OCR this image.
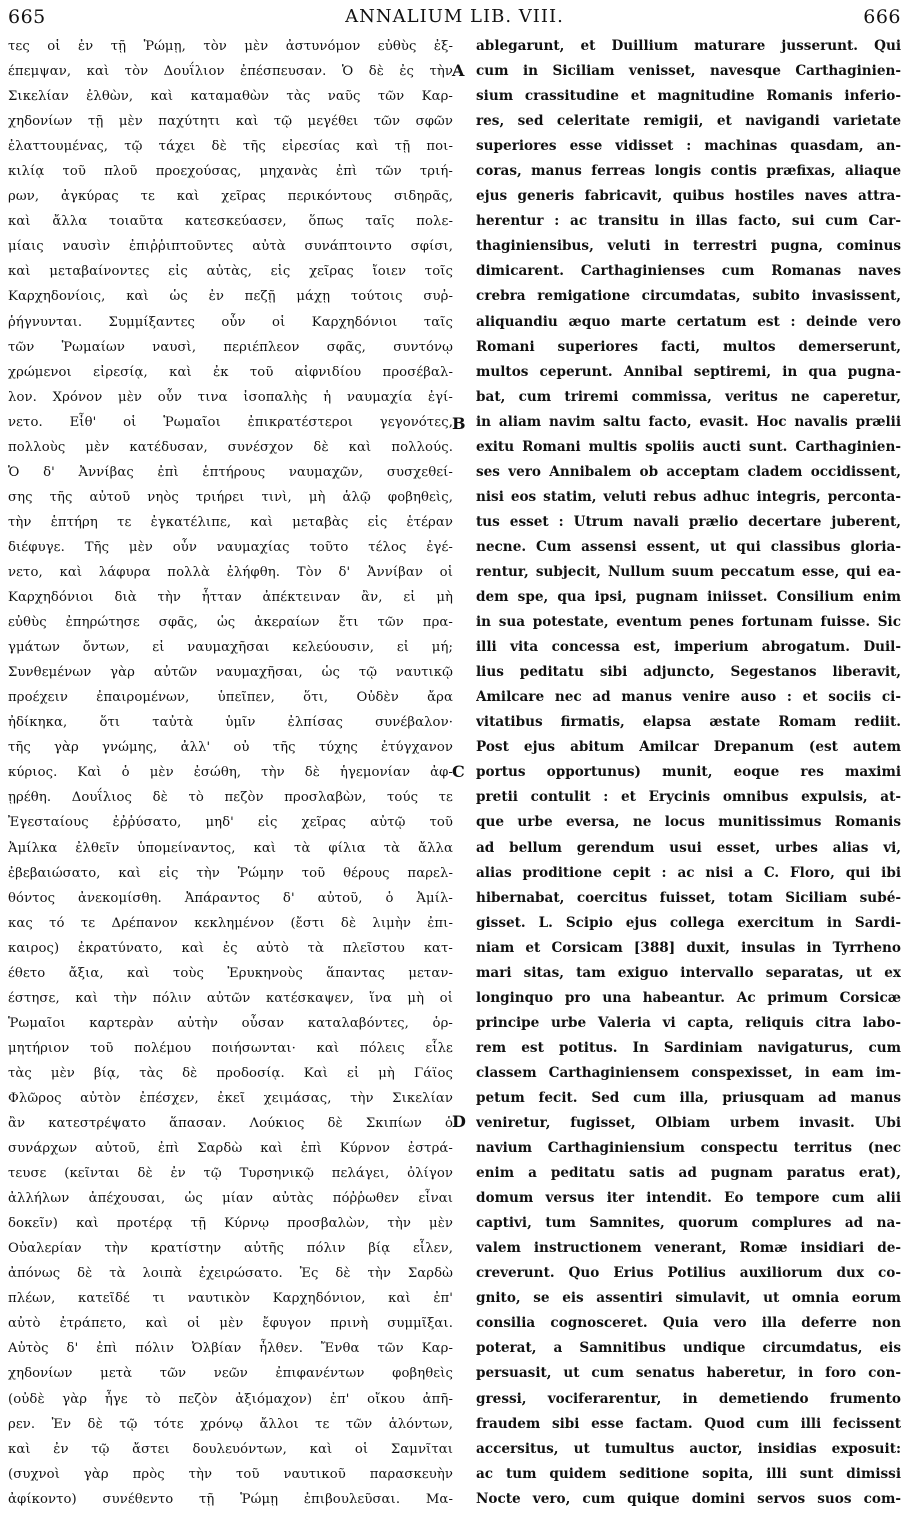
665	ANNALIUM LIB. VIII.	666
τες οἱ ἐν τῇ Ῥώμῃ, τὸν μὲν ἀστυνόμον εὐθὺς ἐξ-
έπεμψαν, καὶ τὸν Δουΐλιον ἐπέσπευσαν. Ὁ δὲ ἐς τὴν
Σικελίαν ἐλθὼν, καὶ καταμαθὼν τὰς ναῦς τῶν Καρ-
χηδονίων τῇ μὲν παχύτητι καὶ τῷ μεγέθει τῶν σφῶν
ἐλαττουμένας, τῷ τάχει δὲ τῆς εἰρεσίας καὶ τῇ ποι-
κιλίᾳ τοῦ πλοῦ προεχούσας, μηχανὰς ἐπὶ τῶν τριή-
ρων, ἀγκύρας τε καὶ χεῖρας περικόντους σιδηρᾶς,
καὶ ἄλλα τοιαῦτα κατεσκεύασεν, ὅπως ταῖς πολε-
μίαις ναυσὶν ἐπιῤῥιπτοῦντες αὐτὰ συνάπτοιντο σφίσι,
καὶ μεταβαίνοντες εἰς αὐτὰς, εἰς χεῖρας ἴοιεν τοῖς
Καρχηδονίοις, καὶ ὡς ἐν πεζῇ μάχῃ τούτοις συῤ-
ῥήγνυνται. Συμμίξαντες οὖν οἱ Καρχηδόνιοι ταῖς
τῶν Ῥωμαίων ναυσὶ, περιέπλεον σφᾶς, συντόνῳ
χρώμενοι εἰρεσίᾳ, καὶ ἐκ τοῦ αἰφνιδίου προσέβαλ-
λον. Χρόνον μὲν οὖν τινα ἰσοπαλὴς ἡ ναυμαχία ἐγί-
νετο. Εἶθ' οἱ Ῥωμαῖοι ἐπικρατέστεροι γεγονότες,
πολλοὺς μὲν κατέδυσαν, συνέσχον δὲ καὶ πολλούς.
Ὁ δ' Ἀννίβας ἐπὶ ἑπτήρους ναυμαχῶν, συσχεθεί-
σης τῆς αὐτοῦ νηὸς τριήρει τινὶ, μὴ ἁλῷ φοβηθεὶς,
τὴν ἑπτήρη τε ἐγκατέλιπε, καὶ μεταβὰς εἰς ἑτέραν
διέφυγε. Τῆς μὲν οὖν ναυμαχίας τοῦτο τέλος ἐγέ-
νετο, καὶ λάφυρα πολλὰ ἐλήφθη. Τὸν δ' Ἀννίβαν οἱ
Καρχηδόνιοι διὰ τὴν ἧτταν ἀπέκτειναν ἂν, εἰ μὴ
εὐθὺς ἐπηρώτησε σφᾶς, ὡς ἀκεραίων ἔτι τῶν πρα-
γμάτων ὄντων, εἰ ναυμαχῆσαι κελεύουσιν, εἰ μή;
Συνθεμένων γὰρ αὐτῶν ναυμαχῆσαι, ὡς τῷ ναυτικῷ
προέχειν ἐπαιρομένων, ὑπεῖπεν, ὅτι, Οὐδὲν ἄρα
ἠδίκηκα, ὅτι ταὐτὰ ὑμῖν ἐλπίσας συνέβαλον·
τῆς γὰρ γνώμης, ἀλλ' οὐ τῆς τύχης ἐτύγχανον
κύριος. Καὶ ὁ μὲν ἐσώθη, τὴν δὲ ἡγεμονίαν ἀφ-
ῃρέθη. Δουΐλιος δὲ τὸ πεζὸν προσλαβὼν, τούς τε
Ἐγεσταίους ἐῤῥύσατο, μηδ' εἰς χεῖρας αὐτῷ τοῦ
Ἀμίλκα ἐλθεῖν ὑπομείναντος, καὶ τὰ φίλια τὰ ἄλλα
ἐβεβαιώσατο, καὶ εἰς τὴν Ῥώμην τοῦ θέρους παρελ-
θόντος ἀνεκομίσθη. Ἀπάραντος δ' αὐτοῦ, ὁ Ἀμίλ-
κας τό τε Δρέπανον κεκλημένον (ἔστι δὲ λιμὴν ἐπι-
καιρος) ἐκρατύνατο, καὶ ἐς αὐτὸ τὰ πλεῖστου κατ-
έθετο ἄξια, καὶ τοὺς Ἐρυκηνοὺς ἅπαντας μεταν-
έστησε, καὶ τὴν πόλιν αὐτῶν κατέσκαψεν, ἵνα μὴ οἱ
Ῥωμαῖοι καρτερὰν αὐτὴν οὖσαν καταλαβόντες, ὁρ-
μητήριον τοῦ πολέμου ποιήσωνται· καὶ πόλεις εἷλε
τὰς μὲν βίᾳ, τὰς δὲ προδοσίᾳ. Καὶ εἰ μὴ Γάϊος
Φλῶρος αὐτὸν ἐπέσχεν, ἐκεῖ χειμάσας, τὴν Σικελίαν
ἂν κατεστρέψατο ἅπασαν. Λούκιος δὲ Σκιπίων ὁ
συνάρχων αὐτοῦ, ἐπὶ Σαρδὼ καὶ ἐπὶ Κύρνον ἐστρά-
τευσε (κεῖνται δὲ ἐν τῷ Τυρσηνικῷ πελάγει, ὀλίγον
ἀλλήλων ἀπέχουσαι, ὡς μίαν αὐτὰς πόῤῥωθεν εἶναι
δοκεῖν) καὶ προτέρᾳ τῇ Κύρνῳ προσβαλὼν, τὴν μὲν
Οὐαλερίαν τὴν κρατίστην αὐτῆς πόλιν βίᾳ εἷλεν,
ἀπόνως δὲ τὰ λοιπὰ ἐχειρώσατο. Ἐς δὲ τὴν Σαρδὼ
πλέων, κατεῖδέ τι ναυτικὸν Καρχηδόνιον, καὶ ἐπ'
αὐτὸ ἐτράπετο, καὶ οἱ μὲν ἔφυγον πρινὴ συμμῖξαι.
Αὐτὸς δ' ἐπὶ πόλιν Ὀλβίαν ἦλθεν. Ἔνθα τῶν Καρ-
χηδονίων μετὰ τῶν νεῶν ἐπιφανέντων φοβηθεὶς
(οὐδὲ γὰρ ἦγε τὸ πεζὸν ἀξιόμαχον) ἐπ' οἴκου ἀπῆ-
ρεν. Ἐν δὲ τῷ τότε χρόνῳ ἄλλοι τε τῶν ἁλόντων,
καὶ ἐν τῷ ἄστει δουλευόντων, καὶ οἱ Σαμνῖται
(συχνοὶ γὰρ πρὸς τὴν τοῦ ναυτικοῦ παρασκευὴν
ἀφίκοντο) συνέθεντο τῇ Ῥώμῃ ἐπιβουλεῦσαι. Μα-
ablegarunt, et Duillium maturare jusserunt. Qui
cum in Siciliam venisset, navesque Carthaginien-
sium crassitudine et magnitudine Romanis inferio-
res, sed celeritate remigii, et navigandi varietate
superiores esse vidisset : machinas quasdam, an-
coras, manus ferreas longis contis præfixas, aliaque
ejus generis fabricavit, quibus hostiles naves attra-
herentur : ac transitu in illas facto, sui cum Car-
thaginiensibus, veluti in terrestri pugna, cominus
dimicarent. Carthaginienses cum Romanas naves
crebra remigatione circumdatas, subito invasissent,
aliquandiu æquo marte certatum est : deinde vero
Romani superiores facti, multos demerserunt,
multos ceperunt. Annibal septiremi, in qua pugna-
bat, cum triremi commissa, veritus ne caperetur,
in aliam navim saltu facto, evasit. Hoc navalis prælii
exitu Romani multis spoliis aucti sunt. Carthaginien-
ses vero Annibalem ob acceptam cladem occidissent,
nisi eos statim, veluti rebus adhuc integris, perconta-
tus esset : Utrum navali prælio decertare juberent,
necne. Cum assensi essent, ut qui classibus gloria-
rentur, subjecit, Nullum suum peccatum esse, qui ea-
dem spe, qua ipsi, pugnam iniisset. Consilium enim
in sua potestate, eventum penes fortunam fuisse. Sic
illi vita concessa est, imperium abrogatum. Duil-
lius peditatu sibi adjuncto, Segestanos liberavit,
Amilcare nec ad manus venire auso : et sociis ci-
vitatibus firmatis, elapsa æstate Romam rediit.
Post ejus abitum Amilcar Drepanum (est autem
portus opportunus) munit, eoque res maximi
pretii contulit : et Erycinis omnibus expulsis, at-
que urbe eversa, ne locus munitissimus Romanis
ad bellum gerendum usui esset, urbes alias vi,
alias proditione cepit : ac nisi a C. Floro, qui ibi
hibernabat, coercitus fuisset, totam Siciliam subé-
gisset. L. Scipio ejus collega exercitum in Sardi-
niam et Corsicam [388] duxit, insulas in Tyrrheno
mari sitas, tam exiguo intervallo separatas, ut ex
longinquo pro una habeantur. Ac primum Corsicæ
principe urbe Valeria vi capta, reliquis citra labo-
rem est potitus. In Sardiniam navigaturus, cum
classem Carthaginiensem conspexisset, in eam im-
petum fecit. Sed cum illa, priusquam ad manus
veniretur, fugisset, Olbiam urbem invasit. Ubi
navium Carthaginiensium conspectu territus (nec
enim a peditatu satis ad pugnam paratus erat),
domum versus iter intendit. Eo tempore cum alii
captivi, tum Samnites, quorum complures ad na-
valem instructionem venerant, Romæ insidiari de-
creverunt. Quo Erius Potilius auxiliorum dux co-
gnito, se eis assentiri simulavit, ut omnia eorum
consilia cognosceret. Quia vero illa deferre non
poterat, a Samnitibus undique circumdatus, eis
persuasit, ut cum senatus haberetur, in foro con-
gressi, vociferarentur, in demetiendo frumento
fraudem sibi esse factam. Quod cum illi fecissent
accersitus, ut tumultus auctor, insidias exposuit:
ac tum quidem seditione sopita, illi sunt dimissi
Nocte vero, cum quique domini servos suos com-
A
B
C
D
